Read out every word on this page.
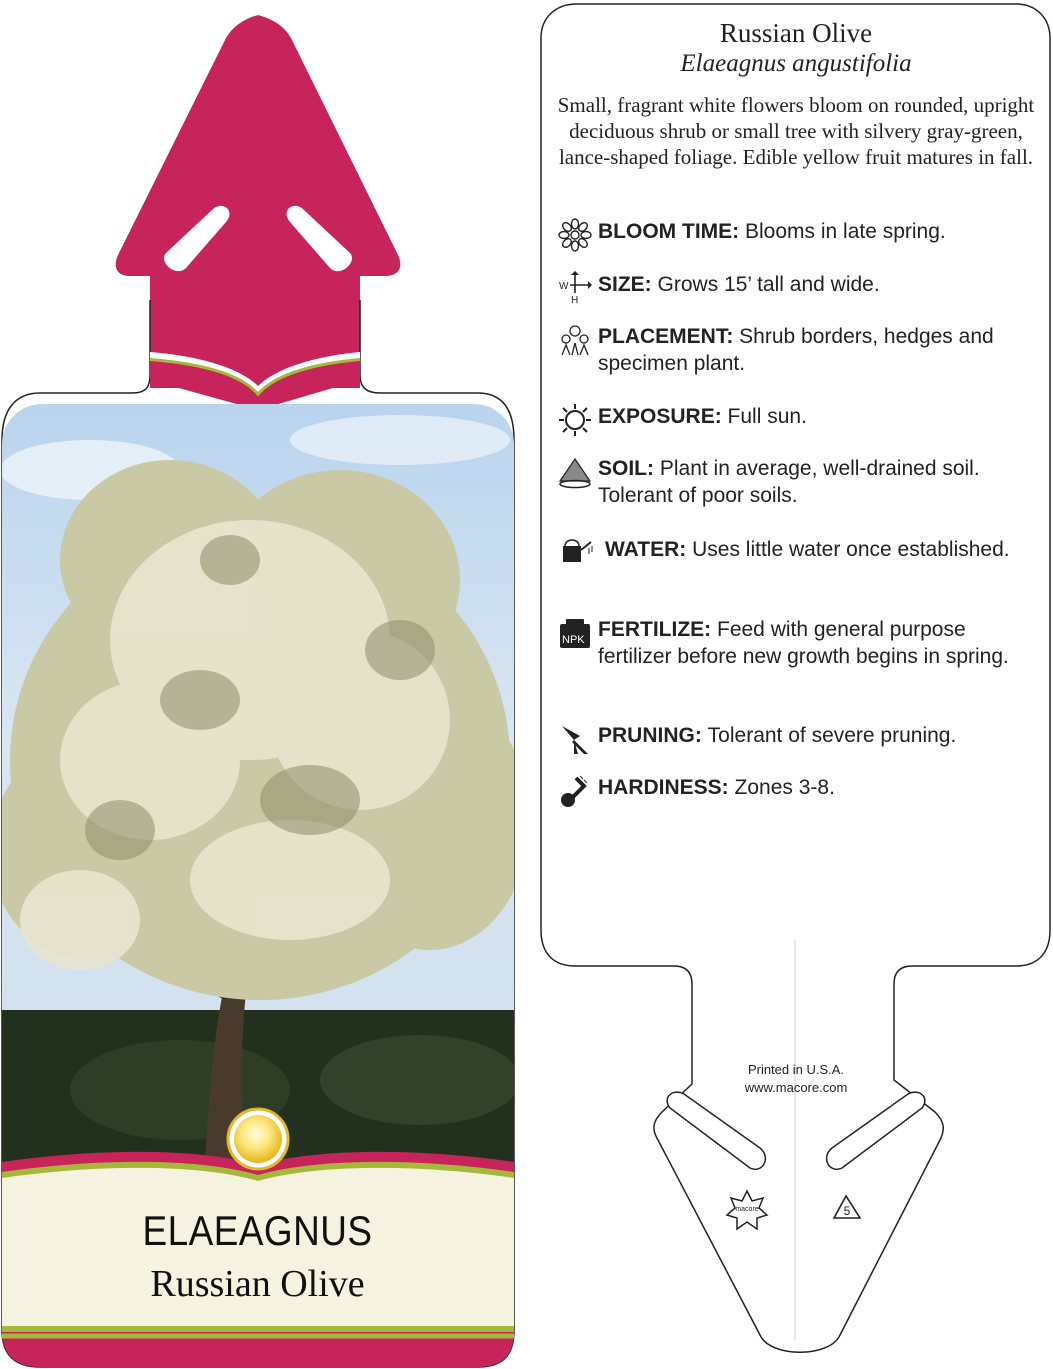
Russian Olive
Elaeagnus angustifolia
Small, fragrant white flowers bloom on rounded, upright deciduous shrub or small tree with silvery gray-green, lance-shaped foliage. Edible yellow fruit matures in fall.
BLOOM TIME: Blooms in late spring.
W
H
SIZE: Grows 15’ tall and wide.
PLACEMENT: Shrub borders, hedges and specimen plant.
EXPOSURE: Full sun.
SOIL: Plant in average, well-drained soil. Tolerant of poor soils.
WATER: Uses little water once established.
NPK FERTILIZE: Feed with general purpose fertilizer before new growth begins in spring.
PRUNING: Tolerant of severe pruning.
HARDINESS: Zones 3-8.
Printed in U.S.A.
www.macore.com
macore	5
ELAEAGNUS
Russian Olive
